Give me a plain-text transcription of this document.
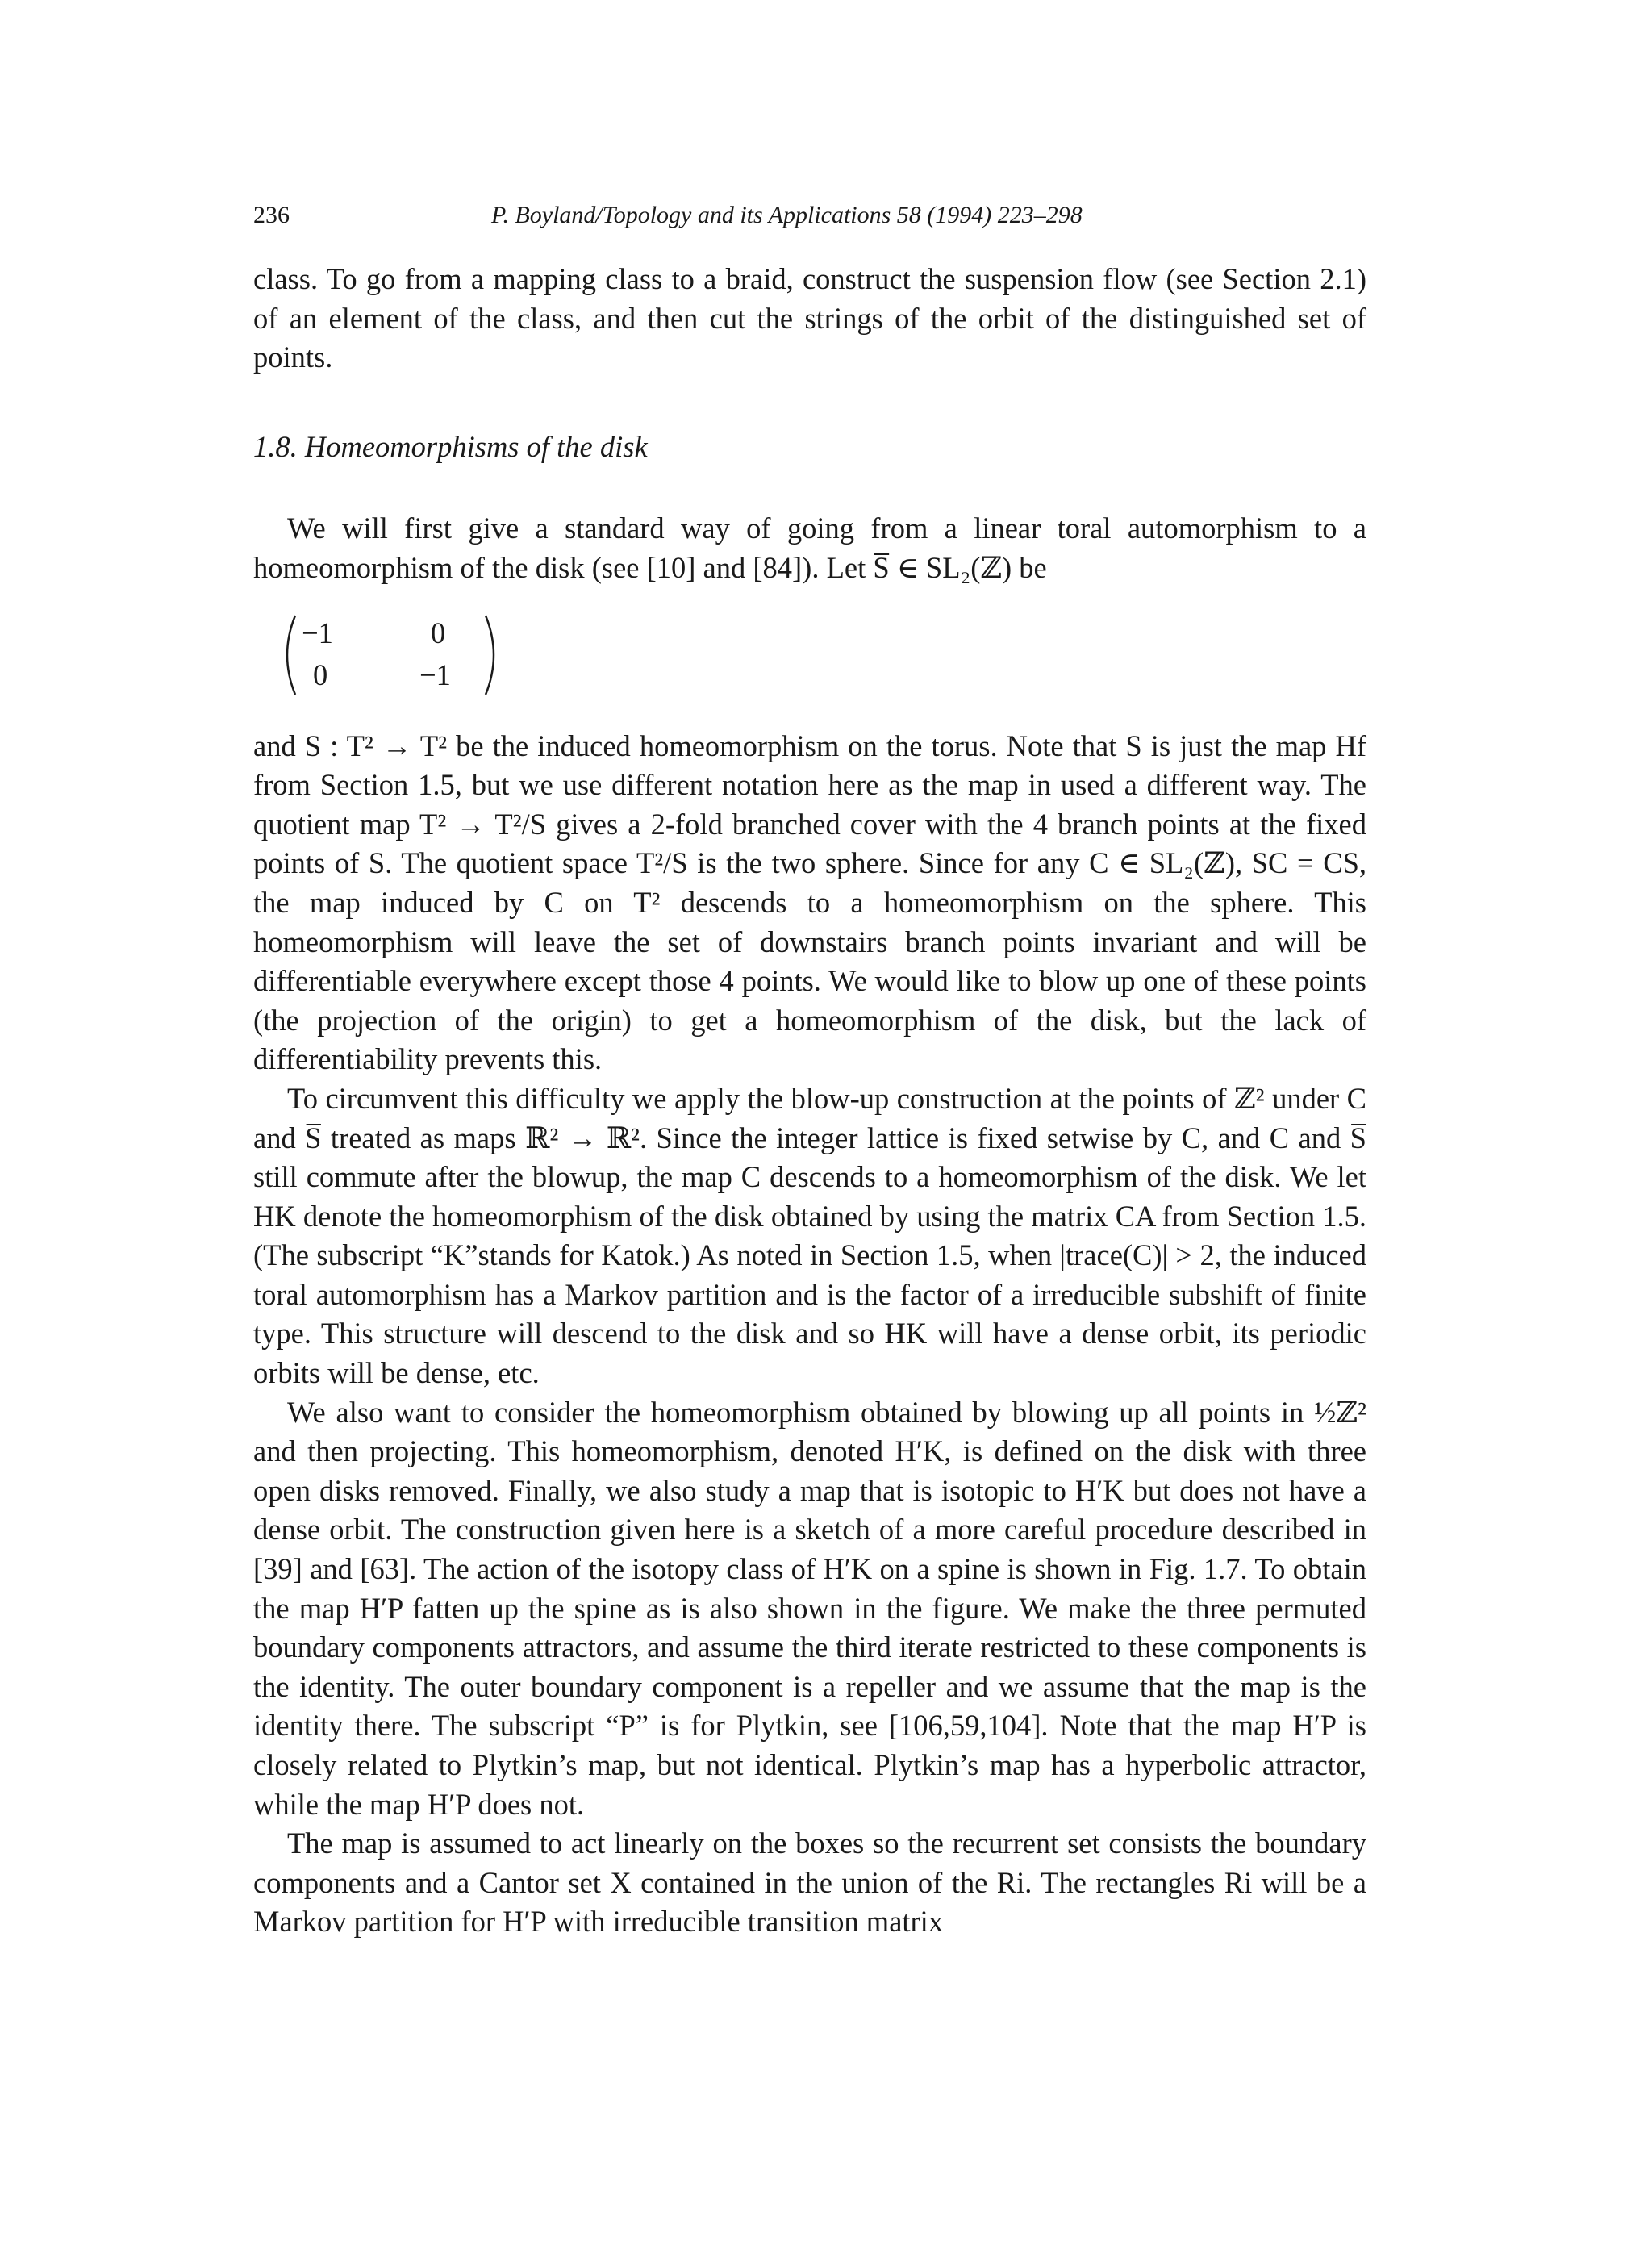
236	P. Boyland/Topology and its Applications 58 (1994) 223–298

class. To go from a mapping class to a braid, construct the suspension flow (see Section 2.1) of an element of the class, and then cut the strings of the orbit of the distinguished set of points.

1.8. Homeomorphisms of the disk

We will first give a standard way of going from a linear toral automorphism to a homeomorphism of the disk (see [10] and [84]). Let S̅ ∈ SL₂(ℤ) be

−1	0
0	−1

and S : T² → T² be the induced homeomorphism on the torus. Note that S is just the map Hf from Section 1.5, but we use different notation here as the map in used a different way. The quotient map T² → T²/S gives a 2-fold branched cover with the 4 branch points at the fixed points of S. The quotient space T²/S is the two sphere. Since for any C ∈ SL₂(ℤ), SC = CS, the map induced by C on T² descends to a homeomorphism on the sphere. This homeomorphism will leave the set of downstairs branch points invariant and will be differentiable everywhere except those 4 points. We would like to blow up one of these points (the projection of the origin) to get a homeomorphism of the disk, but the lack of differentiability prevents this.

To circumvent this difficulty we apply the blow-up construction at the points of ℤ² under C and S̅ treated as maps ℝ² → ℝ². Since the integer lattice is fixed setwise by C, and C and S̅ still commute after the blowup, the map C descends to a homeomorphism of the disk. We let HK denote the homeomorphism of the disk obtained by using the matrix CA from Section 1.5. (The subscript “K”stands for Katok.) As noted in Section 1.5, when |trace(C)| > 2, the induced toral automorphism has a Markov partition and is the factor of a irreducible subshift of finite type. This structure will descend to the disk and so HK will have a dense orbit, its periodic orbits will be dense, etc.

We also want to consider the homeomorphism obtained by blowing up all points in ½ℤ² and then projecting. This homeomorphism, denoted H′K, is defined on the disk with three open disks removed. Finally, we also study a map that is isotopic to H′K but does not have a dense orbit. The construction given here is a sketch of a more careful procedure described in [39] and [63]. The action of the isotopy class of H′K on a spine is shown in Fig. 1.7. To obtain the map H′P fatten up the spine as is also shown in the figure. We make the three permuted boundary components attractors, and assume the third iterate restricted to these components is the identity. The outer boundary component is a repeller and we assume that the map is the identity there. The subscript “P” is for Plytkin, see [106,59,104]. Note that the map H′P is closely related to Plytkin’s map, but not identical. Plytkin’s map has a hyperbolic attractor, while the map H′P does not.

The map is assumed to act linearly on the boxes so the recurrent set consists the boundary components and a Cantor set X contained in the union of the Ri. The rectangles Ri will be a Markov partition for H′P with irreducible transition matrix
